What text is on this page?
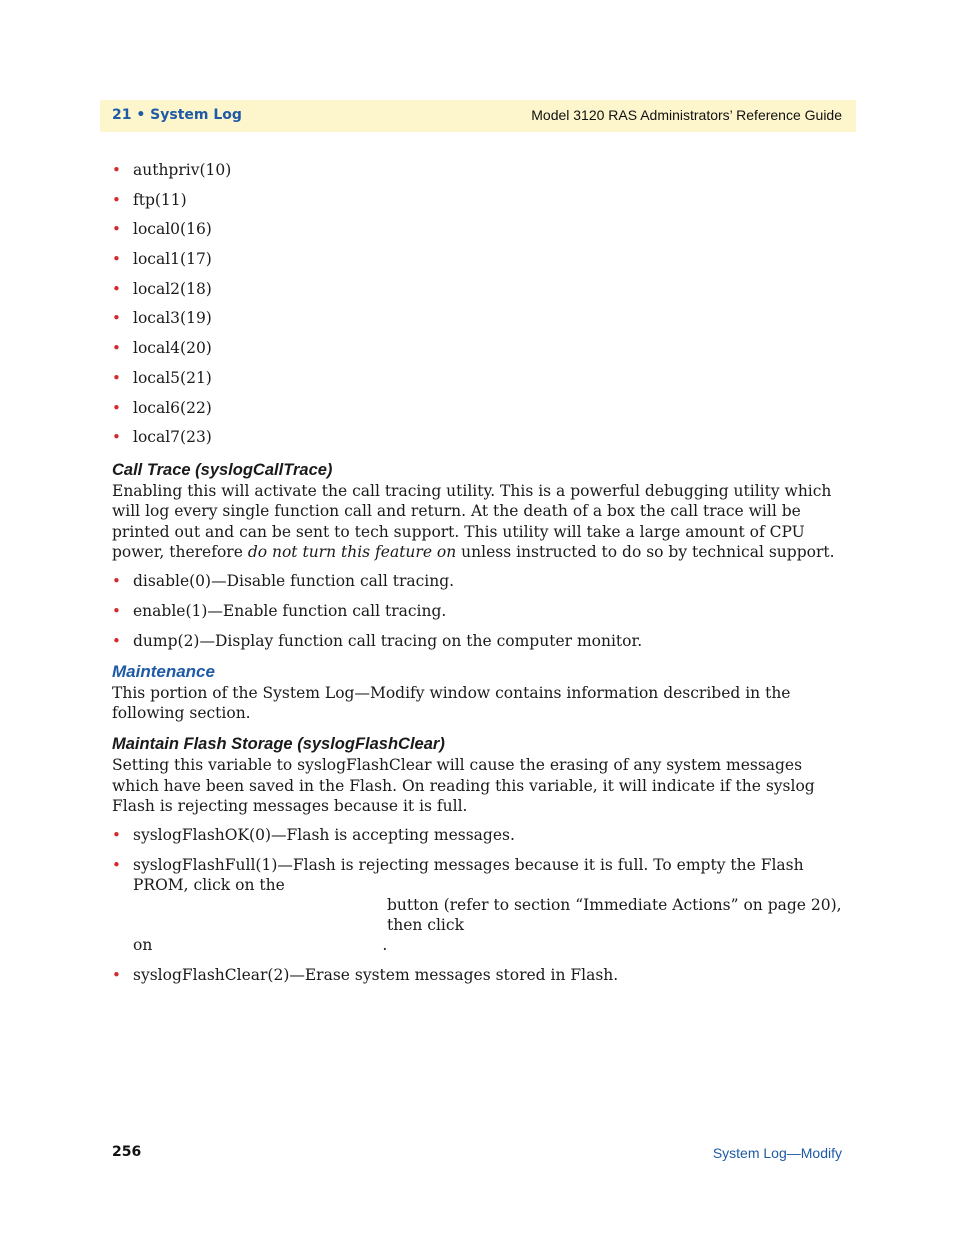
21 • System Log	Model 3120 RAS Administrators’ Reference Guide
• authpriv(10)
• ftp(11)
• local0(16)
• local1(17)
• local2(18)
• local3(19)
• local4(20)
• local5(21)
• local6(22)
• local7(23)
Call Trace (syslogCallTrace)

Enabling this will activate the call tracing utility. This is a powerful debugging utility which will log every single function call and return. At the death of a box the call trace will be printed out and can be sent to tech support. This utility will take a large amount of CPU power, therefore do not turn this feature on unless instructed to do so by technical support.

• disable(0)—Disable function call tracing.
• enable(1)—Enable function call tracing.
• dump(2)—Display function call tracing on the computer monitor.
Maintenance

This portion of the System Log—Modify window contains information described in the following section.

Maintain Flash Storage (syslogFlashClear)

Setting this variable to syslogFlashClear will cause the erasing of any system messages which have been saved in the Flash. On reading this variable, it will indicate if the syslog Flash is rejecting messages because it is full.

• syslogFlashOK(0)—Flash is accepting messages.
• syslogFlashFull(1)—Flash is rejecting messages because it is full. To empty the Flash PROM, click on the
button (refer to section “Immediate Actions” on page 20), then click
on	.
• syslogFlashClear(2)—Erase system messages stored in Flash.
256	System Log—Modify
